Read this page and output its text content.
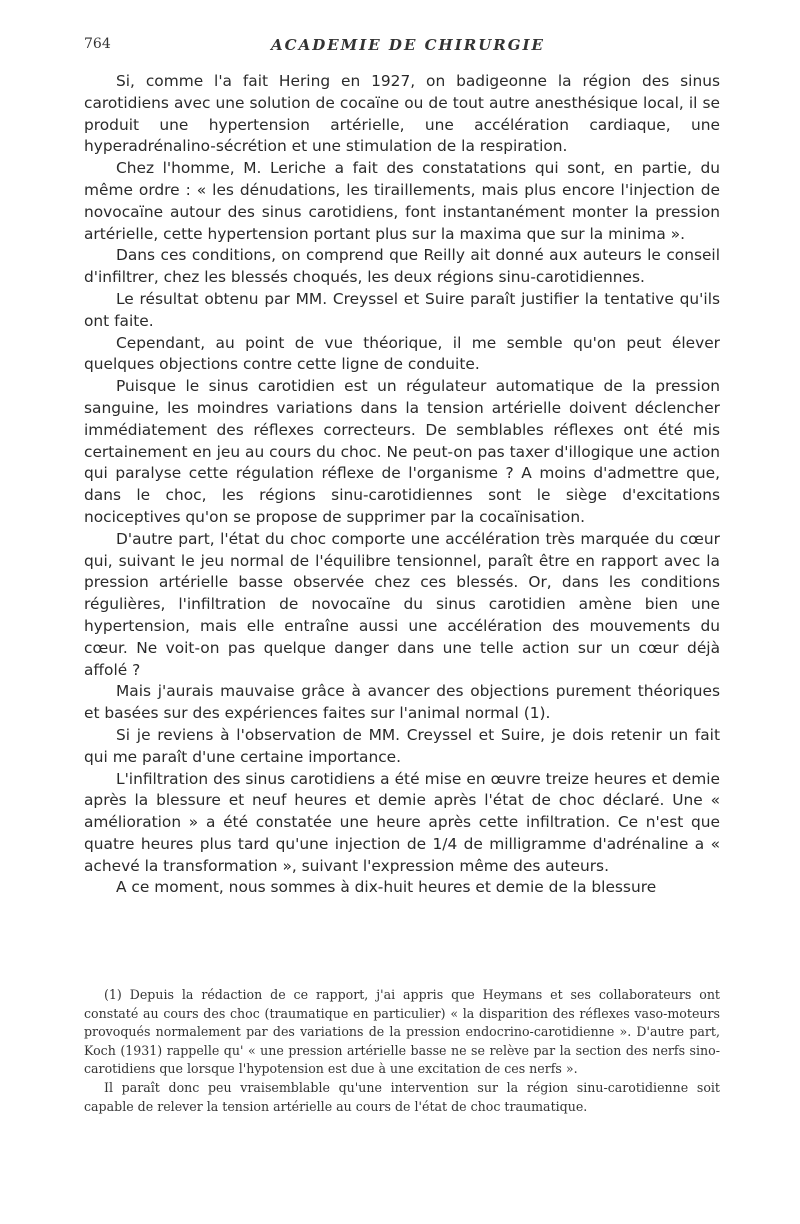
764	ACADEMIE DE CHIRURGIE

Si, comme l'a fait Hering en 1927, on badigeonne la région des sinus carotidiens avec une solution de cocaïne ou de tout autre anesthésique local, il se produit une hypertension artérielle, une accélération cardiaque, une hyperadrénalino-sécrétion et une stimulation de la respiration.

Chez l'homme, M. Leriche a fait des constatations qui sont, en partie, du même ordre : « les dénudations, les tiraillements, mais plus encore l'injection de novocaïne autour des sinus carotidiens, font instantanément monter la pression artérielle, cette hypertension portant plus sur la maxima que sur la minima ».

Dans ces conditions, on comprend que Reilly ait donné aux auteurs le conseil d'infiltrer, chez les blessés choqués, les deux régions sinu-carotidiennes.

Le résultat obtenu par MM. Creyssel et Suire paraît justifier la tentative qu'ils ont faite.

Cependant, au point de vue théorique, il me semble qu'on peut élever quelques objections contre cette ligne de conduite.

Puisque le sinus carotidien est un régulateur automatique de la pression sanguine, les moindres variations dans la tension artérielle doivent déclencher immédiatement des réflexes correcteurs. De semblables réflexes ont été mis certainement en jeu au cours du choc. Ne peut-on pas taxer d'illogique une action qui paralyse cette régulation réflexe de l'organisme ? A moins d'admettre que, dans le choc, les régions sinu-carotidiennes sont le siège d'excitations nociceptives qu'on se propose de supprimer par la cocaïnisation.

D'autre part, l'état du choc comporte une accélération très marquée du cœur qui, suivant le jeu normal de l'équilibre tensionnel, paraît être en rapport avec la pression artérielle basse observée chez ces blessés. Or, dans les conditions régulières, l'infiltration de novocaïne du sinus carotidien amène bien une hypertension, mais elle entraîne aussi une accélération des mouvements du cœur. Ne voit-on pas quelque danger dans une telle action sur un cœur déjà affolé ?

Mais j'aurais mauvaise grâce à avancer des objections purement théoriques et basées sur des expériences faites sur l'animal normal (1).

Si je reviens à l'observation de MM. Creyssel et Suire, je dois retenir un fait qui me paraît d'une certaine importance.

L'infiltration des sinus carotidiens a été mise en œuvre treize heures et demie après la blessure et neuf heures et demie après l'état de choc déclaré. Une « amélioration » a été constatée une heure après cette infiltration. Ce n'est que quatre heures plus tard qu'une injection de 1/4 de milligramme d'adrénaline a « achevé la transformation », suivant l'expression même des auteurs.

A ce moment, nous sommes à dix-huit heures et demie de la blessure

(1) Depuis la rédaction de ce rapport, j'ai appris que Heymans et ses collaborateurs ont constaté au cours des choc (traumatique en particulier) « la disparition des réflexes vaso-moteurs provoqués normalement par des variations de la pression endocrino-carotidienne ». D'autre part, Koch (1931) rappelle qu' « une pression artérielle basse ne se relève par la section des nerfs sino-carotidiens que lorsque l'hypotension est due à une excitation de ces nerfs ».

Il paraît donc peu vraisemblable qu'une intervention sur la région sinu-carotidienne soit capable de relever la tension artérielle au cours de l'état de choc traumatique.
